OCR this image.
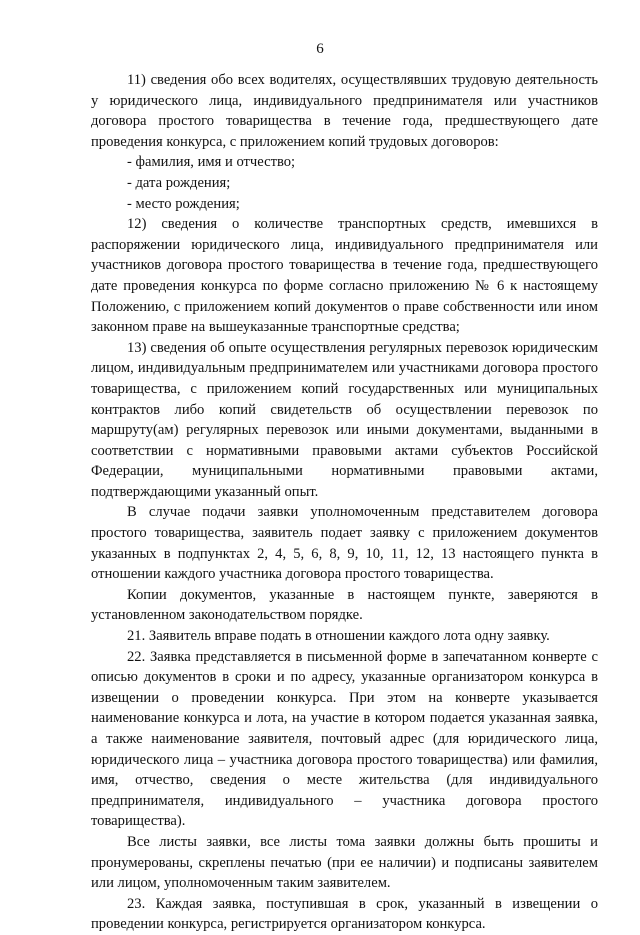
6

11) сведения обо всех водителях, осуществлявших трудовую деятельность у юридического лица, индивидуального предпринимателя или участников договора простого товарищества в течение года, предшествующего дате проведения конкурса, с приложением копий трудовых договоров:

- фамилия, имя и отчество;

- дата рождения;

- место рождения;

12) сведения о количестве транспортных средств, имевшихся в распоряжении юридического лица, индивидуального предпринимателя или участников договора простого товарищества в течение года, предшествующего дате проведения конкурса по форме согласно приложению № 6 к настоящему Положению, с приложением копий документов о праве собственности или ином законном праве на вышеуказанные транспортные средства;

13) сведения об опыте осуществления регулярных перевозок юридическим лицом, индивидуальным предпринимателем или участниками договора простого товарищества, с приложением копий государственных или муниципальных контрактов либо копий свидетельств об осуществлении перевозок по маршруту(ам) регулярных перевозок или иными документами, выданными в соответствии с нормативными правовыми актами субъектов Российской Федерации, муниципальными нормативными правовыми актами, подтверждающими указанный опыт.

В случае подачи заявки уполномоченным представителем договора простого товарищества, заявитель подает заявку с приложением документов указанных в подпунктах 2, 4, 5, 6, 8, 9, 10, 11, 12, 13 настоящего пункта в отношении каждого участника договора простого товарищества.

Копии документов, указанные в настоящем пункте, заверяются в установленном законодательством порядке.

21. Заявитель вправе подать в отношении каждого лота одну заявку.

22. Заявка представляется в письменной форме в запечатанном конверте с описью документов в сроки и по адресу, указанные организатором конкурса в извещении о проведении конкурса. При этом на конверте указывается наименование конкурса и лота, на участие в котором подается указанная заявка, а также наименование заявителя, почтовый адрес (для юридического лица, юридического лица – участника договора простого товарищества) или фамилия, имя, отчество, сведения о месте жительства (для индивидуального предпринимателя, индивидуального – участника договора простого товарищества).

Все листы заявки, все листы тома заявки должны быть прошиты и пронумерованы, скреплены печатью (при ее наличии) и подписаны заявителем или лицом, уполномоченным таким заявителем.

23. Каждая заявка, поступившая в срок, указанный в извещении о проведении конкурса, регистрируется организатором конкурса.
